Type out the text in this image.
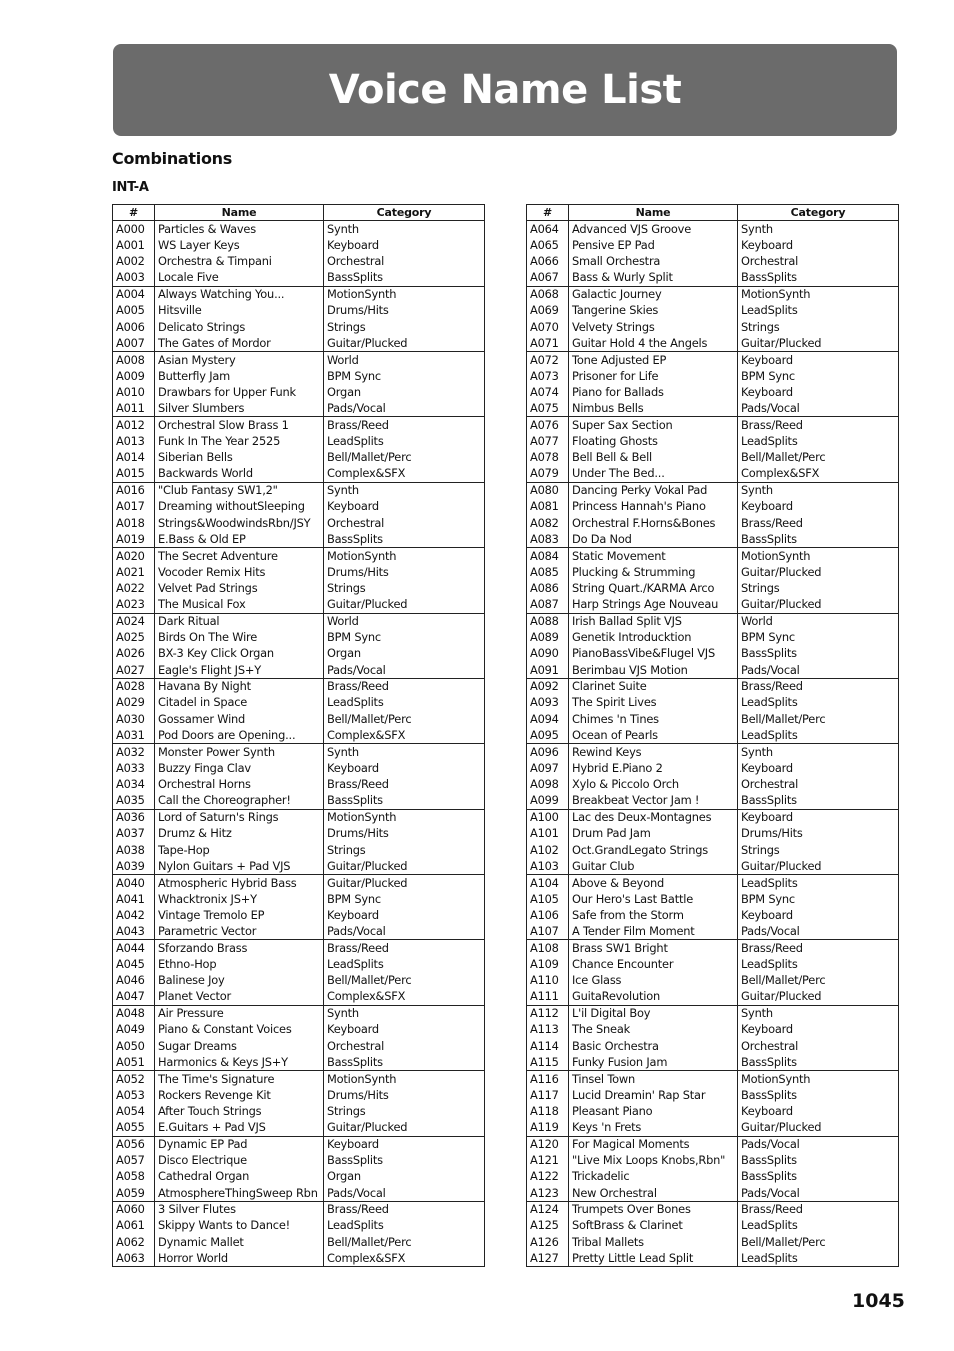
Voice Name List
Combinations
INT-A
#	Name	Category
A000	Particles & Waves	Synth
A001	WS Layer Keys	Keyboard
A002	Orchestra & Timpani	Orchestral
A003	Locale Five	BassSplits
A004	Always Watching You...	MotionSynth
A005	Hitsville	Drums/Hits
A006	Delicato Strings	Strings
A007	The Gates of Mordor	Guitar/Plucked
A008	Asian Mystery	World
A009	Butterfly Jam	BPM Sync
A010	Drawbars for Upper Funk	Organ
A011	Silver Slumbers	Pads/Vocal
A012	Orchestral Slow Brass 1	Brass/Reed
A013	Funk In The Year 2525	LeadSplits
A014	Siberian Bells	Bell/Mallet/Perc
A015	Backwards World	Complex&SFX
A016	"Club Fantasy SW1,2"	Synth
A017	Dreaming withoutSleeping	Keyboard
A018	Strings&WoodwindsRbn/JSY	Orchestral
A019	E.Bass & Old EP	BassSplits
A020	The Secret Adventure	MotionSynth
A021	Vocoder Remix Hits	Drums/Hits
A022	Velvet Pad Strings	Strings
A023	The Musical Fox	Guitar/Plucked
A024	Dark Ritual	World
A025	Birds On The Wire	BPM Sync
A026	BX-3 Key Click Organ	Organ
A027	Eagle's Flight JS+Y	Pads/Vocal
A028	Havana By Night	Brass/Reed
A029	Citadel in Space	LeadSplits
A030	Gossamer Wind	Bell/Mallet/Perc
A031	Pod Doors are Opening...	Complex&SFX
A032	Monster Power Synth	Synth
A033	Buzzy Finga Clav	Keyboard
A034	Orchestral Horns	Brass/Reed
A035	Call the Choreographer!	BassSplits
A036	Lord of Saturn's Rings	MotionSynth
A037	Drumz & Hitz	Drums/Hits
A038	Tape-Hop	Strings
A039	Nylon Guitars + Pad VJS	Guitar/Plucked
A040	Atmospheric Hybrid Bass	Guitar/Plucked
A041	Whacktronix JS+Y	BPM Sync
A042	Vintage Tremolo EP	Keyboard
A043	Parametric Vector	Pads/Vocal
A044	Sforzando Brass	Brass/Reed
A045	Ethno-Hop	LeadSplits
A046	Balinese Joy	Bell/Mallet/Perc
A047	Planet Vector	Complex&SFX
A048	Air Pressure	Synth
A049	Piano & Constant Voices	Keyboard
A050	Sugar Dreams	Orchestral
A051	Harmonics & Keys JS+Y	BassSplits
A052	The Time's Signature	MotionSynth
A053	Rockers Revenge Kit	Drums/Hits
A054	After Touch Strings	Strings
A055	E.Guitars + Pad VJS	Guitar/Plucked
A056	Dynamic EP Pad	Keyboard
A057	Disco Electrique	BassSplits
A058	Cathedral Organ	Organ
A059	AtmosphereThingSweep Rbn	Pads/Vocal
A060	3 Silver Flutes	Brass/Reed
A061	Skippy Wants to Dance!	LeadSplits
A062	Dynamic Mallet	Bell/Mallet/Perc
A063	Horror World	Complex&SFX
#	Name	Category
A064	Advanced VJS Groove	Synth
A065	Pensive EP Pad	Keyboard
A066	Small Orchestra	Orchestral
A067	Bass & Wurly Split	BassSplits
A068	Galactic Journey	MotionSynth
A069	Tangerine Skies	LeadSplits
A070	Velvety Strings	Strings
A071	Guitar Hold 4 the Angels	Guitar/Plucked
A072	Tone Adjusted EP	Keyboard
A073	Prisoner for Life	BPM Sync
A074	Piano for Ballads	Keyboard
A075	Nimbus Bells	Pads/Vocal
A076	Super Sax Section	Brass/Reed
A077	Floating Ghosts	LeadSplits
A078	Bell Bell & Bell	Bell/Mallet/Perc
A079	Under The Bed...	Complex&SFX
A080	Dancing Perky Vokal Pad	Synth
A081	Princess Hannah's Piano	Keyboard
A082	Orchestral F.Horns&Bones	Brass/Reed
A083	Do Da Nod	BassSplits
A084	Static Movement	MotionSynth
A085	Plucking & Strumming	Guitar/Plucked
A086	String Quart./KARMA Arco	Strings
A087	Harp Strings Age Nouveau	Guitar/Plucked
A088	Irish Ballad Split VJS	World
A089	Genetik Introducktion	BPM Sync
A090	PianoBassVibe&Flugel VJS	BassSplits
A091	Berimbau VJS Motion	Pads/Vocal
A092	Clarinet Suite	Brass/Reed
A093	The Spirit Lives	LeadSplits
A094	Chimes 'n Tines	Bell/Mallet/Perc
A095	Ocean of Pearls	LeadSplits
A096	Rewind Keys	Synth
A097	Hybrid E.Piano 2	Keyboard
A098	Xylo & Piccolo Orch	Orchestral
A099	Breakbeat Vector Jam !	BassSplits
A100	Lac des Deux-Montagnes	Keyboard
A101	Drum Pad Jam	Drums/Hits
A102	Oct.GrandLegato Strings	Strings
A103	Guitar Club	Guitar/Plucked
A104	Above & Beyond	LeadSplits
A105	Our Hero's Last Battle	BPM Sync
A106	Safe from the Storm	Keyboard
A107	A Tender Film Moment	Pads/Vocal
A108	Brass SW1 Bright	Brass/Reed
A109	Chance Encounter	LeadSplits
A110	Ice Glass	Bell/Mallet/Perc
A111	GuitaRevolution	Guitar/Plucked
A112	L'il Digital Boy	Synth
A113	The Sneak	Keyboard
A114	Basic Orchestra	Orchestral
A115	Funky Fusion Jam	BassSplits
A116	Tinsel Town	MotionSynth
A117	Lucid Dreamin' Rap Star	BassSplits
A118	Pleasant Piano	Keyboard
A119	Keys 'n Frets	Guitar/Plucked
A120	For Magical Moments	Pads/Vocal
A121	"Live Mix Loops Knobs,Rbn"	BassSplits
A122	Trickadelic	BassSplits
A123	New Orchestral	Pads/Vocal
A124	Trumpets Over Bones	Brass/Reed
A125	SoftBrass & Clarinet	LeadSplits
A126	Tribal Mallets	Bell/Mallet/Perc
A127	Pretty Little Lead Split	LeadSplits
1045
